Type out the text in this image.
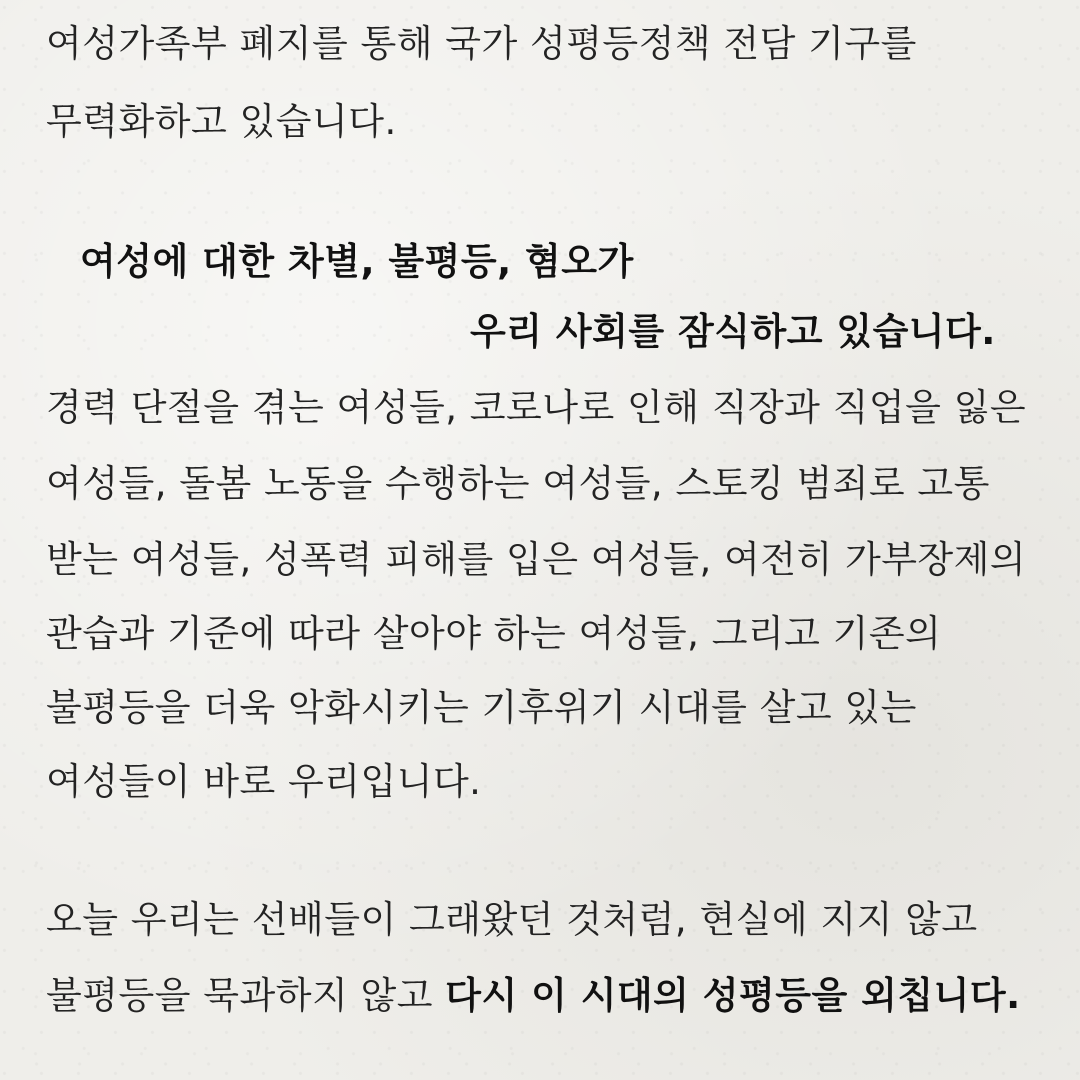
여성가족부 폐지를 통해 국가 성평등정책 전담 기구를

무력화하고 있습니다.

여성에 대한 차별, 불평등, 혐오가

우리 사회를 잠식하고 있습니다.

경력 단절을 겪는 여성들, 코로나로 인해 직장과 직업을 잃은

여성들, 돌봄 노동을 수행하는 여성들, 스토킹 범죄로 고통

받는 여성들, 성폭력 피해를 입은 여성들, 여전히 가부장제의

관습과 기준에 따라 살아야 하는 여성들, 그리고 기존의

불평등을 더욱 악화시키는 기후위기 시대를 살고 있는

여성들이 바로 우리입니다.

오늘 우리는 선배들이 그래왔던 것처럼, 현실에 지지 않고

불평등을 묵과하지 않고 다시 이 시대의 성평등을 외칩니다.
